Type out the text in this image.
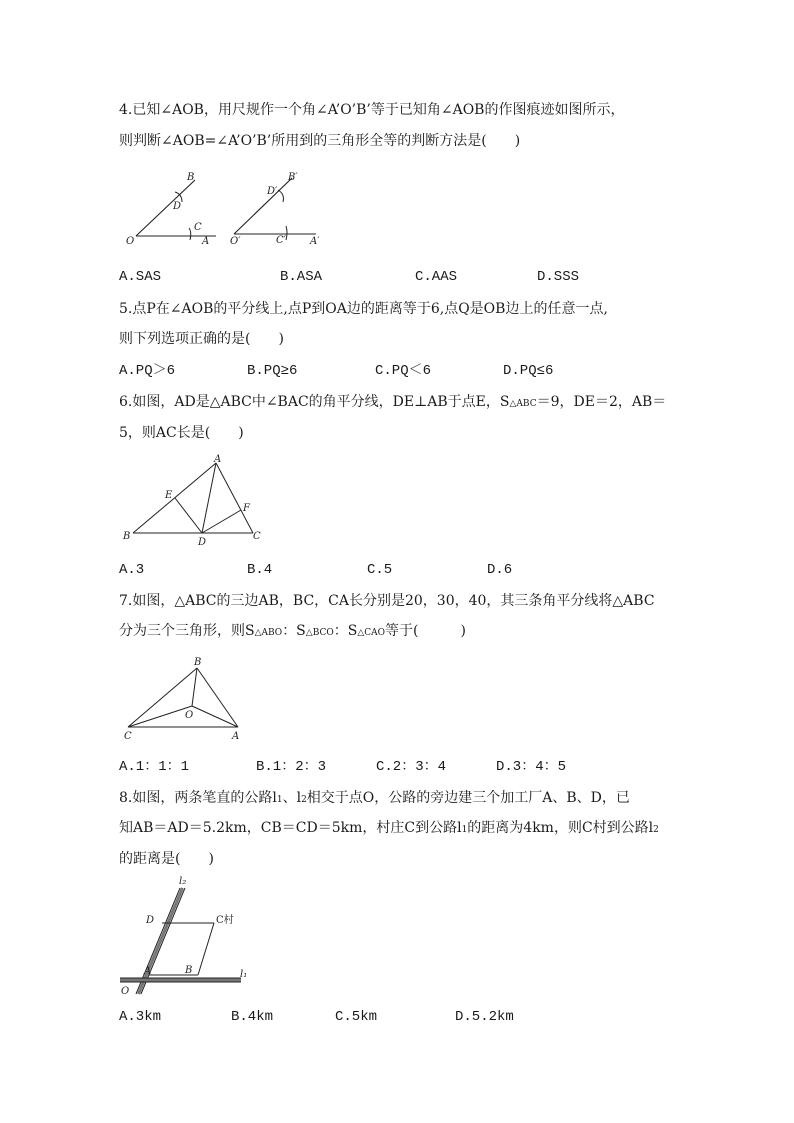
4.已知∠AOB，用尺规作一个角∠A’O’B’等于已知角∠AOB的作图痕迹如图所示，
则判断∠AOB=∠A’O’B’所用到的三角形全等的判断方法是(　　)
B
D
C
O	A
B′
D′
C′
O′	A′
A.SAS	B.ASA	C.AAS	D.SSS
5.点P在∠AOB的平分线上,点P到OA边的距离等于6,点Q是OB边上的任意一点,
则下列选项正确的是(　　)
A.PQ＞6	B.PQ≥6	C.PQ＜6	D.PQ≤6
6.如图，AD是△ABC中∠BAC的角平分线，DE⊥AB于点E，S△ABC＝9，DE＝2，AB＝
5，则AC长是(　　)
A
E
F
B
D
C
A.3	B.4	C.5	D.6
7.如图，△ABC的三边AB，BC，CA长分别是20，30，40，其三条角平分线将△ABC
分为三个三角形，则S△ABO：S△BCO：S△CAO等于(　　　)
B
O
C	A
A.1：1：1	B.1：2：3	C.2：3：4	D.3：4：5
8.如图，两条笔直的公路l1、l2相交于点O，公路的旁边建三个加工厂A、B、D，已
知AB＝AD＝5.2km，CB＝CD＝5km，村庄C到公路l1的距离为4km，则C村到公路l2
的距离是(　　)
l₂
D	C村
A	B	l₁
O
A.3km	B.4km	C.5km	D.5.2km
